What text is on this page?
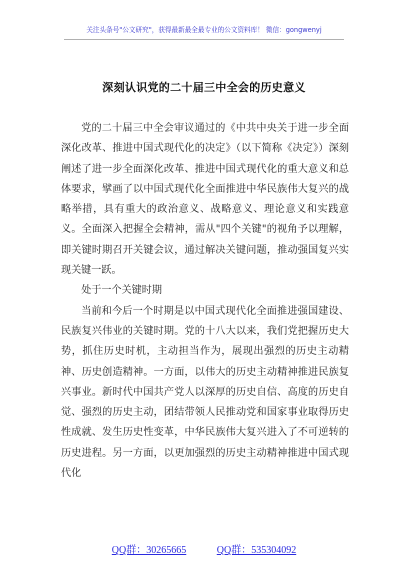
关注头条号"公文研究"，获得最新最全最专业的公文资料库！ 微信：gongwenyj
深刻认识党的二十届三中全会的历史意义

党的二十届三中全会审议通过的《中共中央关于进一步全面深化改革、推进中国式现代化的决定》（以下简称《决定》）深刻阐述了进一步全面深化改革、推进中国式现代化的重大意义和总体要求，擘画了以中国式现代化全面推进中华民族伟大复兴的战略举措，具有重大的政治意义、战略意义、理论意义和实践意义。全面深入把握全会精神，需从"四个关键"的视角予以理解，即关键时期召开关键会议，通过解决关键问题，推动强国复兴实现关键一跃。

处于一个关键时期

当前和今后一个时期是以中国式现代化全面推进强国建设、民族复兴伟业的关键时期。党的十八大以来，我们党把握历史大势，抓住历史时机，主动担当作为，展现出强烈的历史主动精神、历史创造精神。一方面，以伟大的历史主动精神推进民族复兴事业。新时代中国共产党人以深厚的历史自信、高度的历史自觉、强烈的历史主动，团结带领人民推动党和国家事业取得历史性成就、发生历史性变革，中华民族伟大复兴进入了不可逆转的历史进程。另一方面，以更加强烈的历史主动精神推进中国式现代化

QQ群：30265665	QQ群：535304092
